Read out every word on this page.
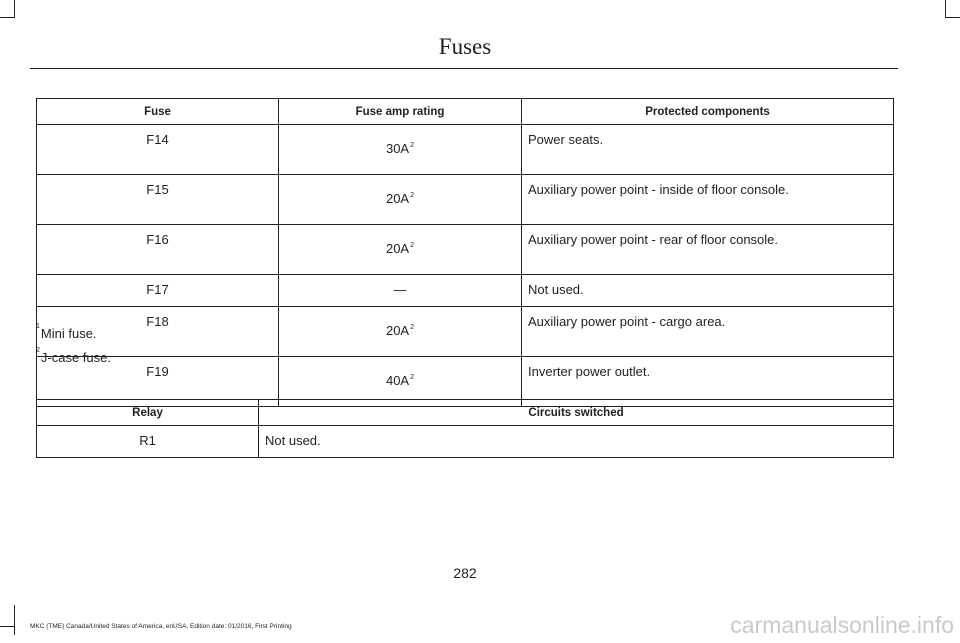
Fuses
Fuse	Fuse amp rating	Protected components
F14	$30A^2$	Power seats.
F15	$20A^2$	Auxiliary power point - inside of floor console.
F16	$20A^2$	Auxiliary power point - rear of floor console.
F17	—	Not used.
F18	$20A^2$	Auxiliary power point - cargo area.
F19	$40A^2$	Inverter power outlet.
$^1$Mini fuse.
$^2$J-case fuse.
Relay	Circuits switched
R1	Not used.
282
MKC (TME) Canada/United States of America, enUSA, Edition date: 01/2016, First Printing	carmanualsonline.info
